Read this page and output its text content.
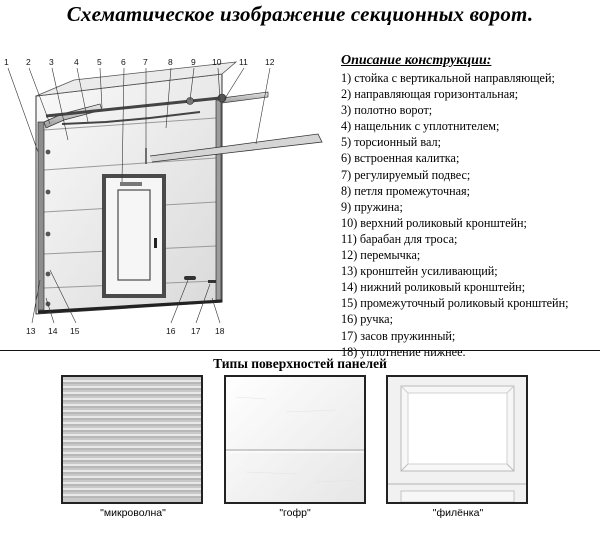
Схематическое изображение секционных ворот.
1 2 3 4 5 6 7 8 9 10 11 12
13 14 15	16 17 18
Описание конструкции:
1) стойка с вертикальной направляющей;
2) направляющая горизонтальная;
3) полотно ворот;
4) нащельник с уплотнителем;
5) торсионный вал;
6) встроенная калитка;
7) регулируемый подвес;
8) петля промежуточная;
9) пружина;
10) верхний роликовый кронштейн;
11) барабан для троса;
12) перемычка;
13) кронштейн усиливающий;
14) нижний роликовый кронштейн;
15) промежуточный роликовый кронштейн;
16) ручка;
17) засов пружинный;
18) уплотнение нижнее.
Типы поверхностей панелей
"микроволна"	"гофр"	"филёнка"
